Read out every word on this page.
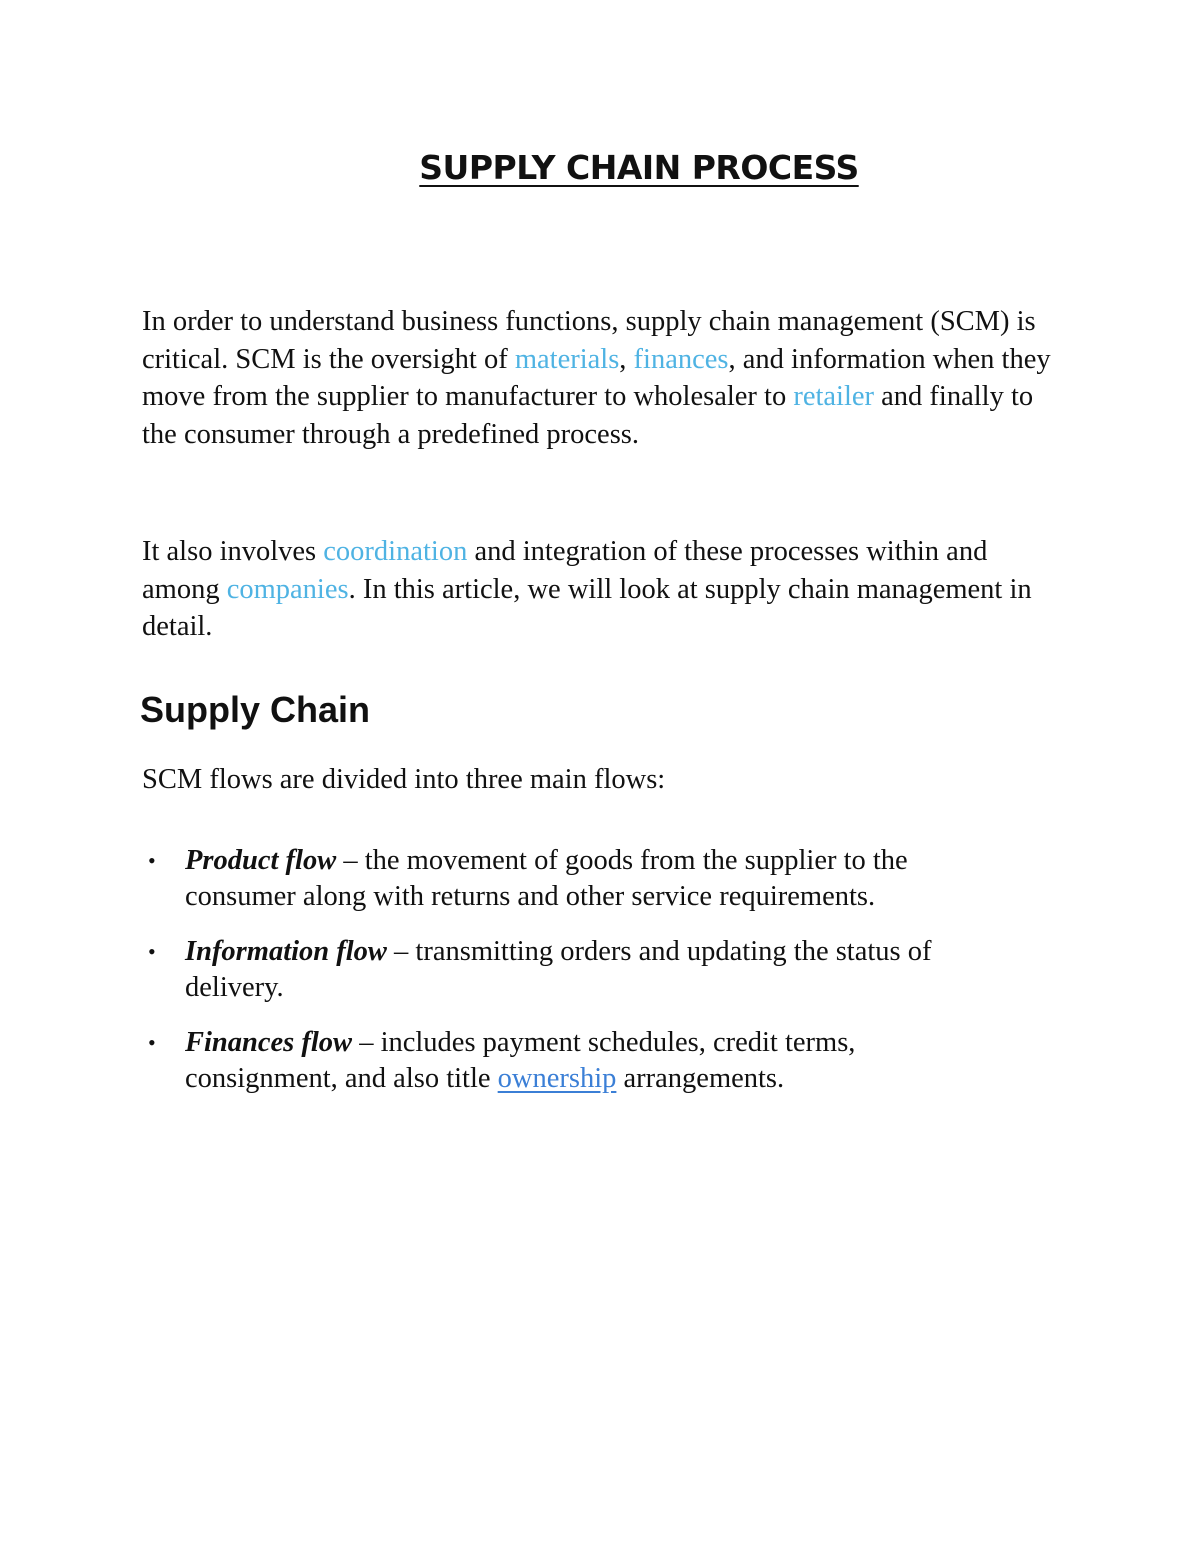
SUPPLY CHAIN PROCESS

In order to understand business functions, supply chain management (SCM) is critical. SCM is the oversight of materials, finances, and information when they move from the supplier to manufacturer to wholesaler to retailer and finally to the consumer through a predefined process.

It also involves coordination and integration of these processes within and among companies. In this article, we will look at supply chain management in detail.

Supply Chain

SCM flows are divided into three main flows:

• Product flow – the movement of goods from the supplier to the consumer along with returns and other service requirements.
• Information flow – transmitting orders and updating the status of delivery.
• Finances flow – includes payment schedules, credit terms, consignment, and also title ownership arrangements.
